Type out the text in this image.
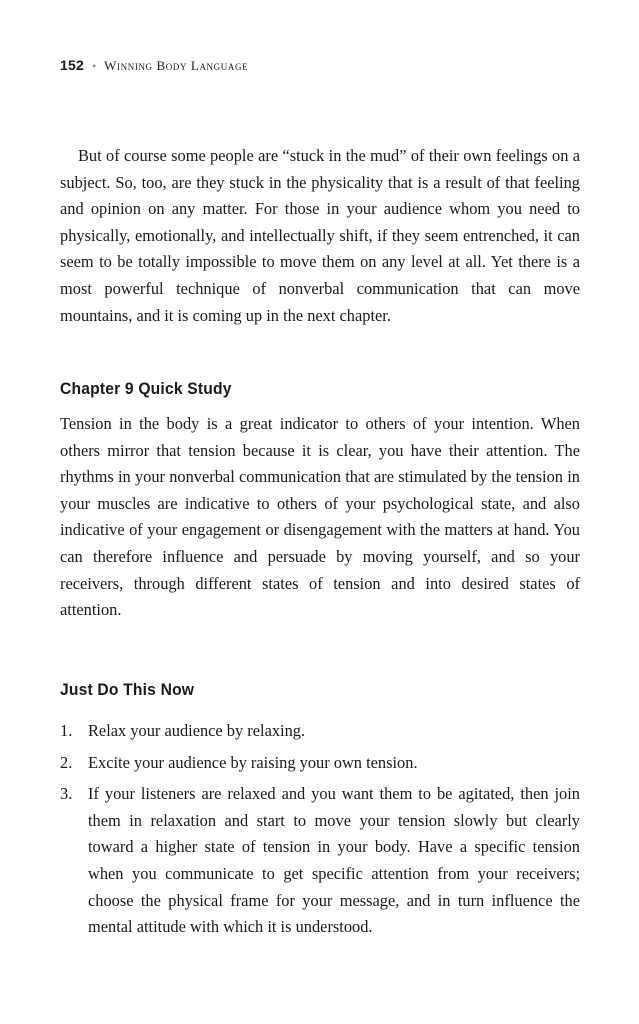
152 • Winning Body Language

But of course some people are “stuck in the mud” of their own feelings on a subject. So, too, are they stuck in the physicality that is a result of that feeling and opinion on any matter. For those in your audience whom you need to physically, emotionally, and intellectually shift, if they seem entrenched, it can seem to be totally impossible to move them on any level at all. Yet there is a most powerful technique of nonverbal communication that can move mountains, and it is coming up in the next chapter.

Chapter 9 Quick Study

Tension in the body is a great indicator to others of your intention. When others mirror that tension because it is clear, you have their attention. The rhythms in your nonverbal communication that are stimulated by the tension in your muscles are indicative to others of your psychological state, and also indicative of your engagement or disengagement with the matters at hand. You can therefore influence and persuade by moving yourself, and so your receivers, through different states of tension and into desired states of attention.

Just Do This Now
1. Relax your audience by relaxing.
2. Excite your audience by raising your own tension.
3. If your listeners are relaxed and you want them to be agitated, then join them in relaxation and start to move your tension slowly but clearly toward a higher state of tension in your body. Have a specific tension when you communicate to get specific attention from your receivers; choose the physical frame for your message, and in turn influence the mental attitude with which it is understood.
